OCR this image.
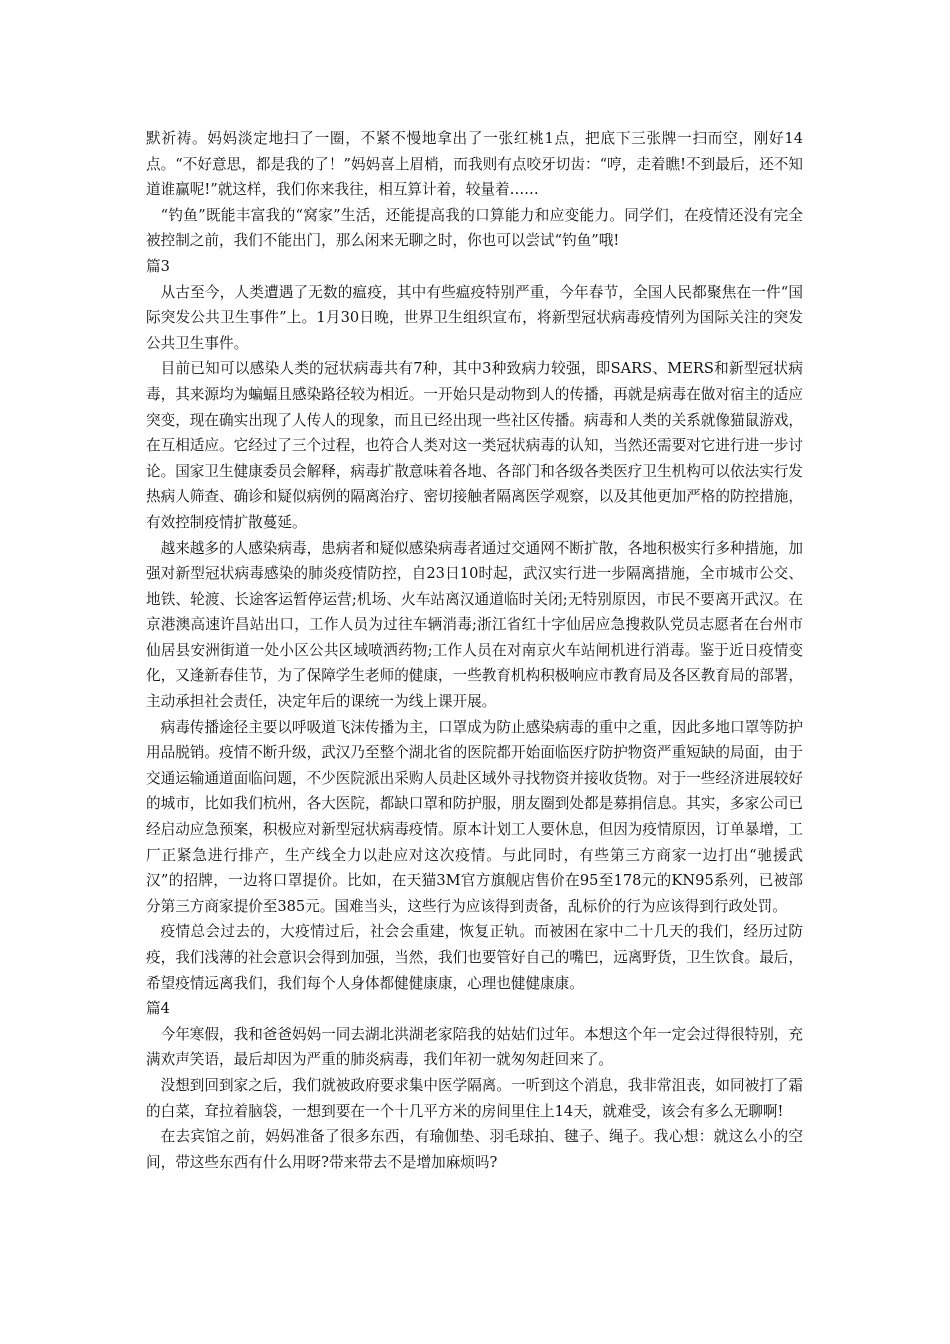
默祈祷。妈妈淡定地扫了一圈，不紧不慢地拿出了一张红桃1点，把底下三张牌一扫而空，刚好14点。“不好意思，都是我的了！”妈妈喜上眉梢，而我则有点咬牙切齿：“哼，走着瞧!不到最后，还不知道谁赢呢!”就这样，我们你来我往，相互算计着，较量着……

“钓鱼”既能丰富我的“窝家”生活，还能提高我的口算能力和应变能力。同学们，在疫情还没有完全被控制之前，我们不能出门，那么闲来无聊之时，你也可以尝试“钓鱼”哦!

篇3

从古至今，人类遭遇了无数的瘟疫，其中有些瘟疫特别严重，今年春节，全国人民都聚焦在一件“国际突发公共卫生事件”上。1月30日晚，世界卫生组织宣布，将新型冠状病毒疫情列为国际关注的突发公共卫生事件。

目前已知可以感染人类的冠状病毒共有7种，其中3种致病力较强，即SARS、MERS和新型冠状病毒，其来源均为蝙蝠且感染路径较为相近。一开始只是动物到人的传播，再就是病毒在做对宿主的适应突变，现在确实出现了人传人的现象，而且已经出现一些社区传播。病毒和人类的关系就像猫鼠游戏，在互相适应。它经过了三个过程，也符合人类对这一类冠状病毒的认知，当然还需要对它进行进一步讨论。国家卫生健康委员会解释，病毒扩散意味着各地、各部门和各级各类医疗卫生机构可以依法实行发热病人筛查、确诊和疑似病例的隔离治疗、密切接触者隔离医学观察，以及其他更加严格的防控措施，有效控制疫情扩散蔓延。

越来越多的人感染病毒，患病者和疑似感染病毒者通过交通网不断扩散，各地积极实行多种措施，加强对新型冠状病毒感染的肺炎疫情防控，自23日10时起，武汉实行进一步隔离措施，全市城市公交、地铁、轮渡、长途客运暂停运营;机场、火车站离汉通道临时关闭;无特别原因，市民不要离开武汉。在京港澳高速许昌站出口，工作人员为过往车辆消毒;浙江省红十字仙居应急搜救队党员志愿者在台州市仙居县安洲街道一处小区公共区域喷洒药物;工作人员在对南京火车站闸机进行消毒。鉴于近日疫情变化，又逢新春佳节，为了保障学生老师的健康，一些教育机构积极响应市教育局及各区教育局的部署，主动承担社会责任，决定年后的课统一为线上课开展。

病毒传播途径主要以呼吸道飞沫传播为主，口罩成为防止感染病毒的重中之重，因此多地口罩等防护用品脱销。疫情不断升级，武汉乃至整个湖北省的医院都开始面临医疗防护物资严重短缺的局面，由于交通运输通道面临问题，不少医院派出采购人员赴区域外寻找物资并接收货物。对于一些经济进展较好的城市，比如我们杭州，各大医院，都缺口罩和防护服，朋友圈到处都是募捐信息。其实，多家公司已经启动应急预案，积极应对新型冠状病毒疫情。原本计划工人要休息，但因为疫情原因，订单暴增，工厂正紧急进行排产，生产线全力以赴应对这次疫情。与此同时，有些第三方商家一边打出“驰援武汉”的招牌，一边将口罩提价。比如，在天猫3M官方旗舰店售价在95至178元的KN95系列，已被部分第三方商家提价至385元。国难当头，这些行为应该得到责备，乱标价的行为应该得到行政处罚。

疫情总会过去的，大疫情过后，社会会重建，恢复正轨。而被困在家中二十几天的我们，经历过防疫，我们浅薄的社会意识会得到加强，当然，我们也要管好自己的嘴巴，远离野货，卫生饮食。最后，希望疫情远离我们，我们每个人身体都健健康康，心理也健健康康。

篇4

今年寒假，我和爸爸妈妈一同去湖北洪湖老家陪我的姑姑们过年。本想这个年一定会过得很特别，充满欢声笑语，最后却因为严重的肺炎病毒，我们年初一就匆匆赶回来了。

没想到回到家之后，我们就被政府要求集中医学隔离。一听到这个消息，我非常沮丧，如同被打了霜的白菜，耷拉着脑袋，一想到要在一个十几平方米的房间里住上14天，就难受，该会有多么无聊啊!

在去宾馆之前，妈妈准备了很多东西，有瑜伽垫、羽毛球拍、毽子、绳子。我心想：就这么小的空间，带这些东西有什么用呀?带来带去不是增加麻烦吗?
